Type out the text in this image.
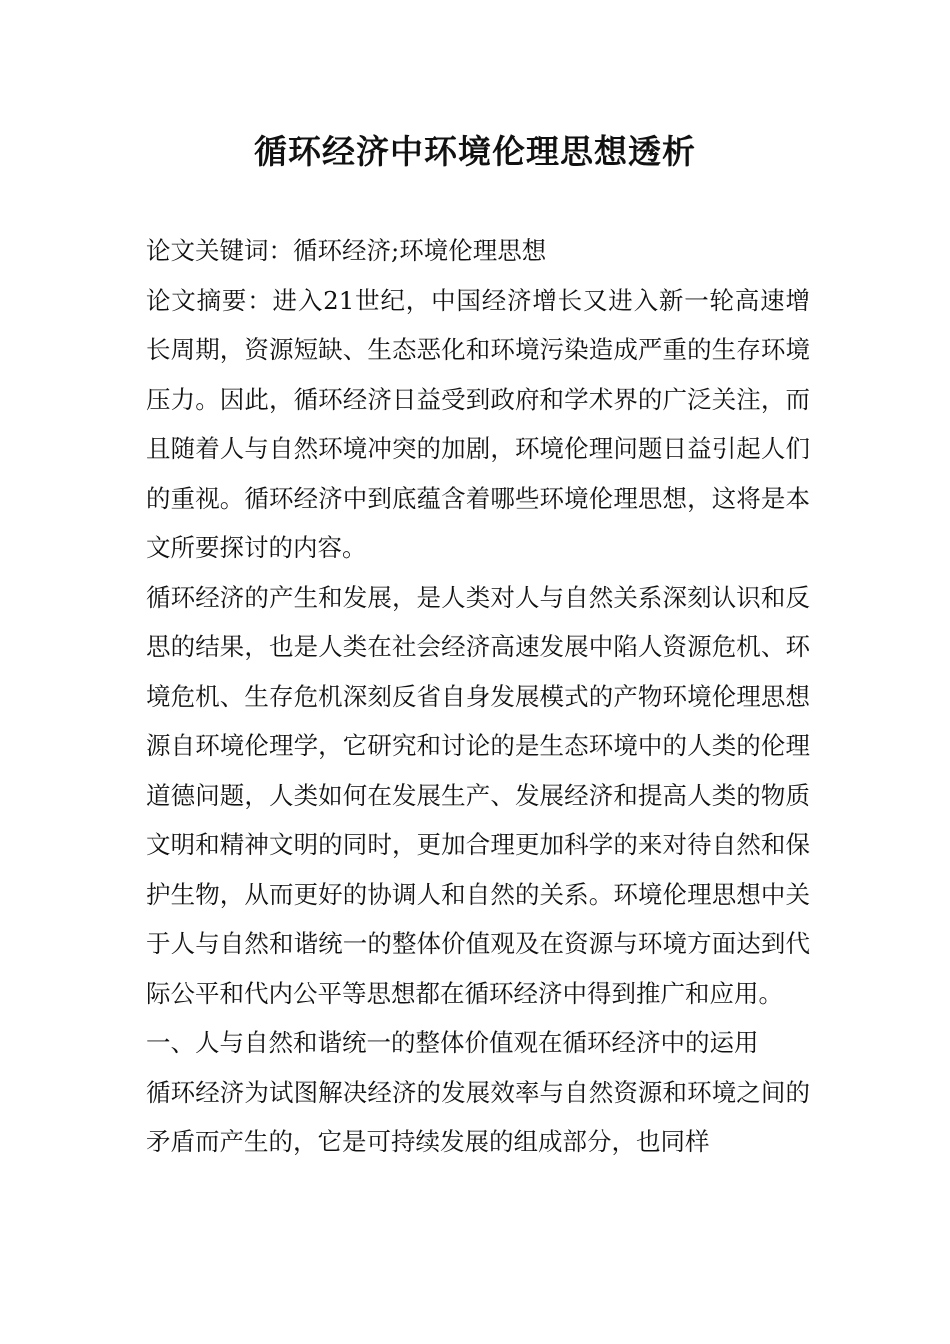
循环经济中环境伦理思想透析

论文关键词：循环经济;环境伦理思想

论文摘要：进入21世纪，中国经济增长又进入新一轮高速增长周期，资源短缺、生态恶化和环境污染造成严重的生存环境压力。因此，循环经济日益受到政府和学术界的广泛关注，而且随着人与自然环境冲突的加剧，环境伦理问题日益引起人们的重视。循环经济中到底蕴含着哪些环境伦理思想，这将是本文所要探讨的内容。

循环经济的产生和发展，是人类对人与自然关系深刻认识和反思的结果，也是人类在社会经济高速发展中陷人资源危机、环境危机、生存危机深刻反省自身发展模式的产物环境伦理思想源自环境伦理学，它研究和讨论的是生态环境中的人类的伦理道德问题，人类如何在发展生产、发展经济和提高人类的物质文明和精神文明的同时，更加合理更加科学的来对待自然和保护生物，从而更好的协调人和自然的关系。环境伦理思想中关于人与自然和谐统一的整体价值观及在资源与环境方面达到代际公平和代内公平等思想都在循环经济中得到推广和应用。

一、人与自然和谐统一的整体价值观在循环经济中的运用

循环经济为试图解决经济的发展效率与自然资源和环境之间的矛盾而产生的，它是可持续发展的组成部分，也同样
